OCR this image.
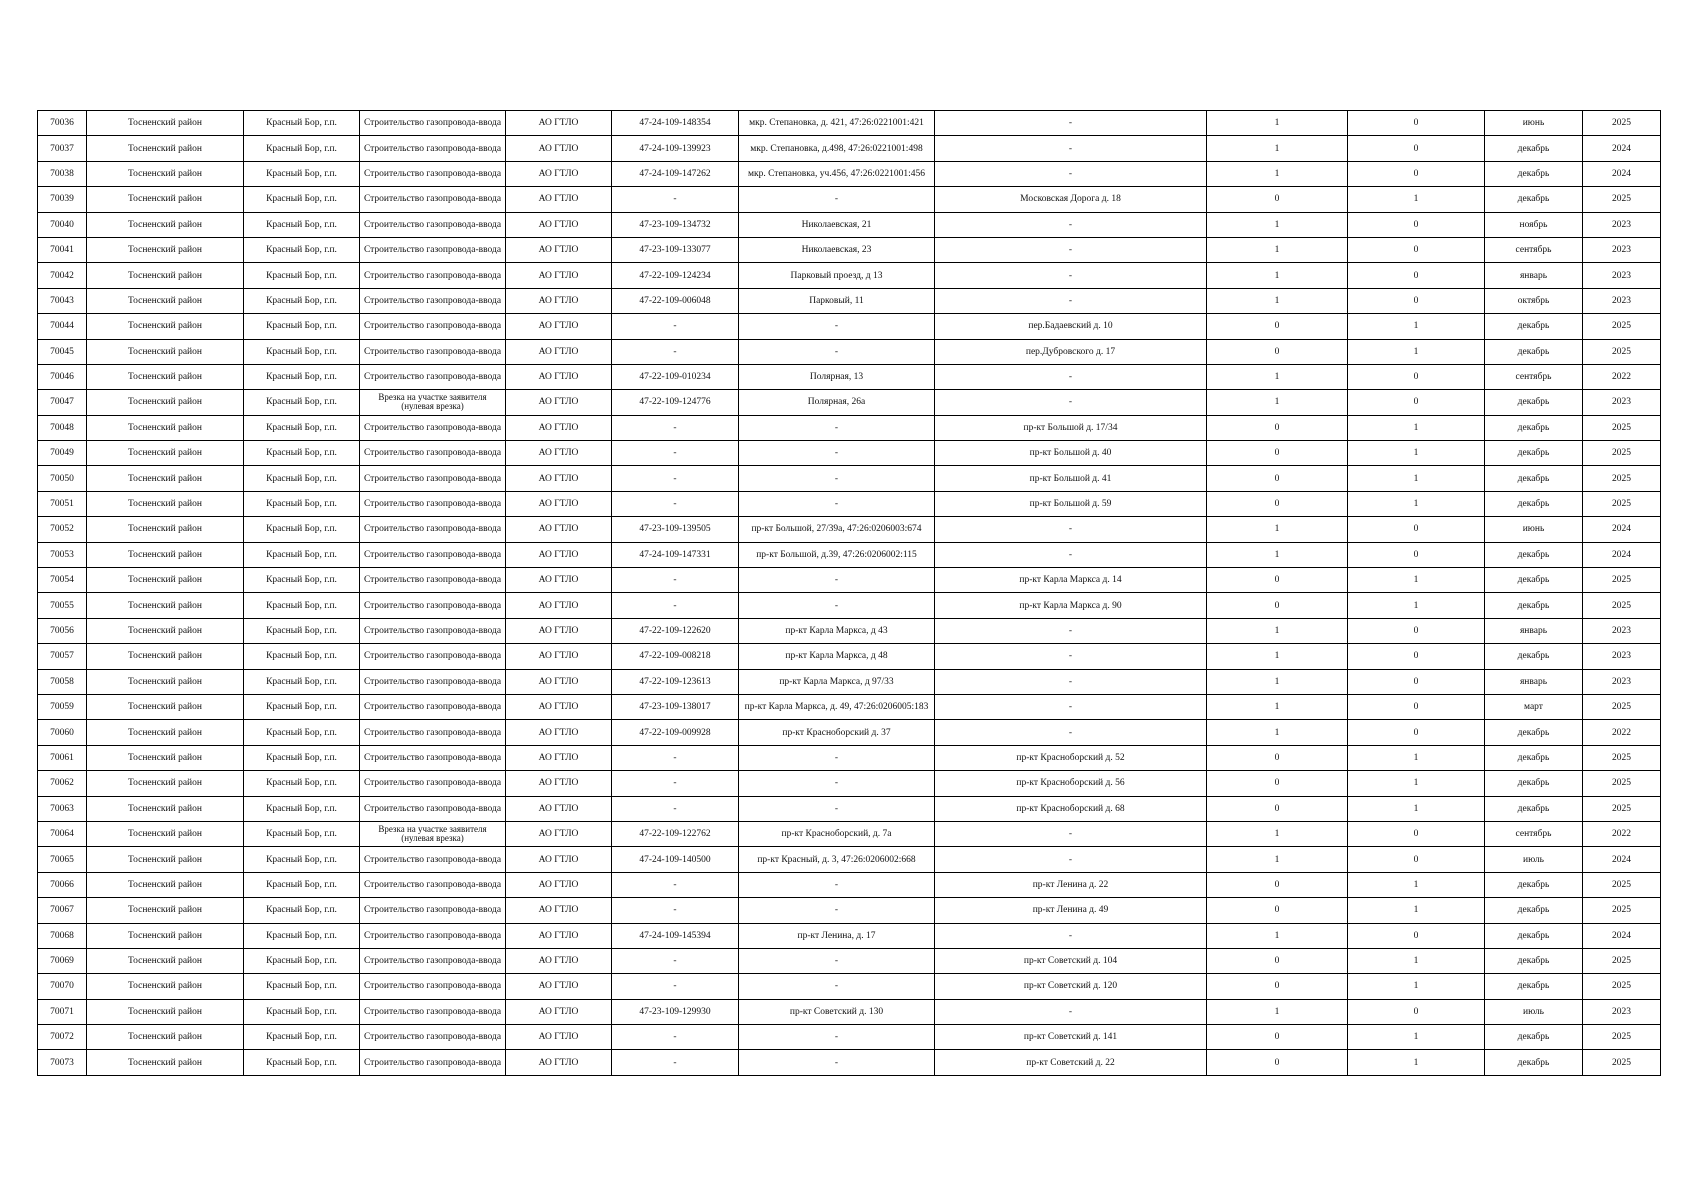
70036	Тосненский район	Красный Бор, г.п.	Строительство газопровода-ввода	АО ГТЛО	47-24-109-148354	мкр. Степановка, д. 421, 47:26:0221001:421	-	1	0	июнь	2025
70037	Тосненский район	Красный Бор, г.п.	Строительство газопровода-ввода	АО ГТЛО	47-24-109-139923	мкр. Степановка, д.498, 47:26:0221001:498	-	1	0	декабрь	2024
70038	Тосненский район	Красный Бор, г.п.	Строительство газопровода-ввода	АО ГТЛО	47-24-109-147262	мкр. Степановка, уч.456, 47:26:0221001:456	-	1	0	декабрь	2024
70039	Тосненский район	Красный Бор, г.п.	Строительство газопровода-ввода	АО ГТЛО	-	-	Московская Дорога д. 18	0	1	декабрь	2025
70040	Тосненский район	Красный Бор, г.п.	Строительство газопровода-ввода	АО ГТЛО	47-23-109-134732	Николаевская, 21	-	1	0	ноябрь	2023
70041	Тосненский район	Красный Бор, г.п.	Строительство газопровода-ввода	АО ГТЛО	47-23-109-133077	Николаевская, 23	-	1	0	сентябрь	2023
70042	Тосненский район	Красный Бор, г.п.	Строительство газопровода-ввода	АО ГТЛО	47-22-109-124234	Парковый проезд, д 13	-	1	0	январь	2023
70043	Тосненский район	Красный Бор, г.п.	Строительство газопровода-ввода	АО ГТЛО	47-22-109-006048	Парковый, 11	-	1	0	октябрь	2023
70044	Тосненский район	Красный Бор, г.п.	Строительство газопровода-ввода	АО ГТЛО	-	-	пер.Бадаевский д. 10	0	1	декабрь	2025
70045	Тосненский район	Красный Бор, г.п.	Строительство газопровода-ввода	АО ГТЛО	-	-	пер.Дубровского д. 17	0	1	декабрь	2025
70046	Тосненский район	Красный Бор, г.п.	Строительство газопровода-ввода	АО ГТЛО	47-22-109-010234	Полярная, 13	-	1	0	сентябрь	2022
70047	Тосненский район	Красный Бор, г.п.	Врезка на участке заявителя (нулевая врезка)	АО ГТЛО	47-22-109-124776	Полярная, 26а	-	1	0	декабрь	2023
70048	Тосненский район	Красный Бор, г.п.	Строительство газопровода-ввода	АО ГТЛО	-	-	пр-кт Большой д. 17/34	0	1	декабрь	2025
70049	Тосненский район	Красный Бор, г.п.	Строительство газопровода-ввода	АО ГТЛО	-	-	пр-кт Большой д. 40	0	1	декабрь	2025
70050	Тосненский район	Красный Бор, г.п.	Строительство газопровода-ввода	АО ГТЛО	-	-	пр-кт Большой д. 41	0	1	декабрь	2025
70051	Тосненский район	Красный Бор, г.п.	Строительство газопровода-ввода	АО ГТЛО	-	-	пр-кт Большой д. 59	0	1	декабрь	2025
70052	Тосненский район	Красный Бор, г.п.	Строительство газопровода-ввода	АО ГТЛО	47-23-109-139505	пр-кт Большой, 27/39а, 47:26:0206003:674	-	1	0	июнь	2024
70053	Тосненский район	Красный Бор, г.п.	Строительство газопровода-ввода	АО ГТЛО	47-24-109-147331	пр-кт Большой, д.39, 47:26:0206002:115	-	1	0	декабрь	2024
70054	Тосненский район	Красный Бор, г.п.	Строительство газопровода-ввода	АО ГТЛО	-	-	пр-кт Карла Маркса д. 14	0	1	декабрь	2025
70055	Тосненский район	Красный Бор, г.п.	Строительство газопровода-ввода	АО ГТЛО	-	-	пр-кт Карла Маркса д. 90	0	1	декабрь	2025
70056	Тосненский район	Красный Бор, г.п.	Строительство газопровода-ввода	АО ГТЛО	47-22-109-122620	пр-кт Карла Маркса, д 43	-	1	0	январь	2023
70057	Тосненский район	Красный Бор, г.п.	Строительство газопровода-ввода	АО ГТЛО	47-22-109-008218	пр-кт Карла Маркса, д 48	-	1	0	декабрь	2023
70058	Тосненский район	Красный Бор, г.п.	Строительство газопровода-ввода	АО ГТЛО	47-22-109-123613	пр-кт Карла Маркса, д 97/33	-	1	0	январь	2023
70059	Тосненский район	Красный Бор, г.п.	Строительство газопровода-ввода	АО ГТЛО	47-23-109-138017	пр-кт Карла Маркса, д. 49, 47:26:0206005:183	-	1	0	март	2025
70060	Тосненский район	Красный Бор, г.п.	Строительство газопровода-ввода	АО ГТЛО	47-22-109-009928	пр-кт Красноборский д. 37	-	1	0	декабрь	2022
70061	Тосненский район	Красный Бор, г.п.	Строительство газопровода-ввода	АО ГТЛО	-	-	пр-кт Красноборский д. 52	0	1	декабрь	2025
70062	Тосненский район	Красный Бор, г.п.	Строительство газопровода-ввода	АО ГТЛО	-	-	пр-кт Красноборский д. 56	0	1	декабрь	2025
70063	Тосненский район	Красный Бор, г.п.	Строительство газопровода-ввода	АО ГТЛО	-	-	пр-кт Красноборский д. 68	0	1	декабрь	2025
70064	Тосненский район	Красный Бор, г.п.	Врезка на участке заявителя (нулевая врезка)	АО ГТЛО	47-22-109-122762	пр-кт Красноборский, д. 7а	-	1	0	сентябрь	2022
70065	Тосненский район	Красный Бор, г.п.	Строительство газопровода-ввода	АО ГТЛО	47-24-109-140500	пр-кт Красный, д. 3, 47:26:0206002:668	-	1	0	июль	2024
70066	Тосненский район	Красный Бор, г.п.	Строительство газопровода-ввода	АО ГТЛО	-	-	пр-кт Ленина д. 22	0	1	декабрь	2025
70067	Тосненский район	Красный Бор, г.п.	Строительство газопровода-ввода	АО ГТЛО	-	-	пр-кт Ленина д. 49	0	1	декабрь	2025
70068	Тосненский район	Красный Бор, г.п.	Строительство газопровода-ввода	АО ГТЛО	47-24-109-145394	пр-кт Ленина, д. 17	-	1	0	декабрь	2024
70069	Тосненский район	Красный Бор, г.п.	Строительство газопровода-ввода	АО ГТЛО	-	-	пр-кт Советский д. 104	0	1	декабрь	2025
70070	Тосненский район	Красный Бор, г.п.	Строительство газопровода-ввода	АО ГТЛО	-	-	пр-кт Советский д. 120	0	1	декабрь	2025
70071	Тосненский район	Красный Бор, г.п.	Строительство газопровода-ввода	АО ГТЛО	47-23-109-129930	пр-кт Советский д. 130	-	1	0	июль	2023
70072	Тосненский район	Красный Бор, г.п.	Строительство газопровода-ввода	АО ГТЛО	-	-	пр-кт Советский д. 141	0	1	декабрь	2025
70073	Тосненский район	Красный Бор, г.п.	Строительство газопровода-ввода	АО ГТЛО	-	-	пр-кт Советский д. 22	0	1	декабрь	2025
